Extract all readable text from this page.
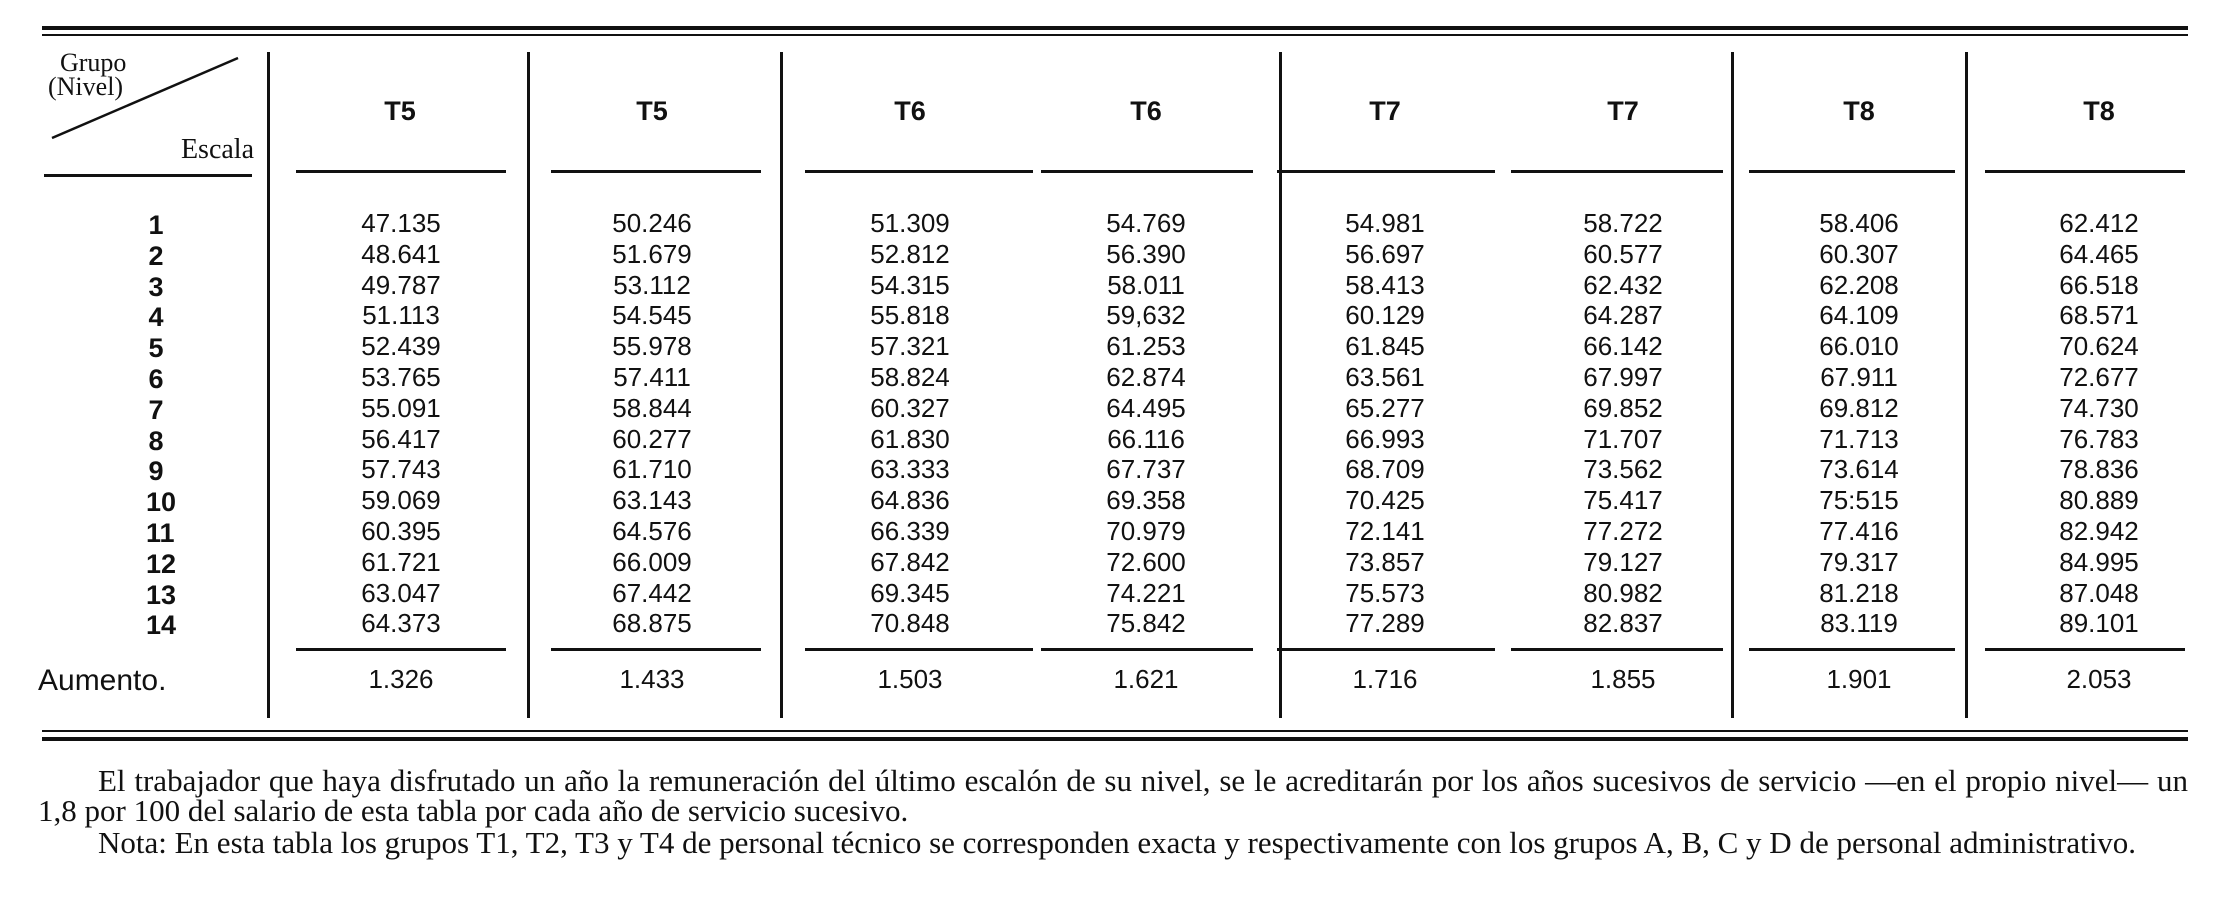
Grupo
(Nivel)
Escala
T5	T5	T6	T6	T7	T7	T8	T8
1	47.135	50.246	51.309	54.769	54.981	58.722	58.406	62.412
2	48.641	51.679	52.812	56.390	56.697	60.577	60.307	64.465
3	49.787	53.112	54.315	58.011	58.413	62.432	62.208	66.518
4	51.113	54.545	55.818	59,632	60.129	64.287	64.109	68.571
5	52.439	55.978	57.321	61.253	61.845	66.142	66.010	70.624
6	53.765	57.411	58.824	62.874	63.561	67.997	67.911	72.677
7	55.091	58.844	60.327	64.495	65.277	69.852	69.812	74.730
8	56.417	60.277	61.830	66.116	66.993	71.707	71.713	76.783
9	57.743	61.710	63.333	67.737	68.709	73.562	73.614	78.836
10	59.069	63.143	64.836	69.358	70.425	75.417	75:515	80.889
11	60.395	64.576	66.339	70.979	72.141	77.272	77.416	82.942
12	61.721	66.009	67.842	72.600	73.857	79.127	79.317	84.995
13	63.047	67.442	69.345	74.221	75.573	80.982	81.218	87.048
14	64.373	68.875	70.848	75.842	77.289	82.837	83.119	89.101
Aumento.	1.326	1.433	1.503	1.621	1.716	1.855	1.901	2.053
El trabajador que haya disfrutado un año la remuneración del último escalón de su nivel, se le acreditarán por los años sucesivos de servicio —en el propio nivel— un 1,8 por 100 del salario de esta tabla por cada año de servicio sucesivo.
Nota: En esta tabla los grupos T1, T2, T3 y T4 de personal técnico se corresponden exacta y respectivamente con los grupos A, B, C y D de personal administrativo.
